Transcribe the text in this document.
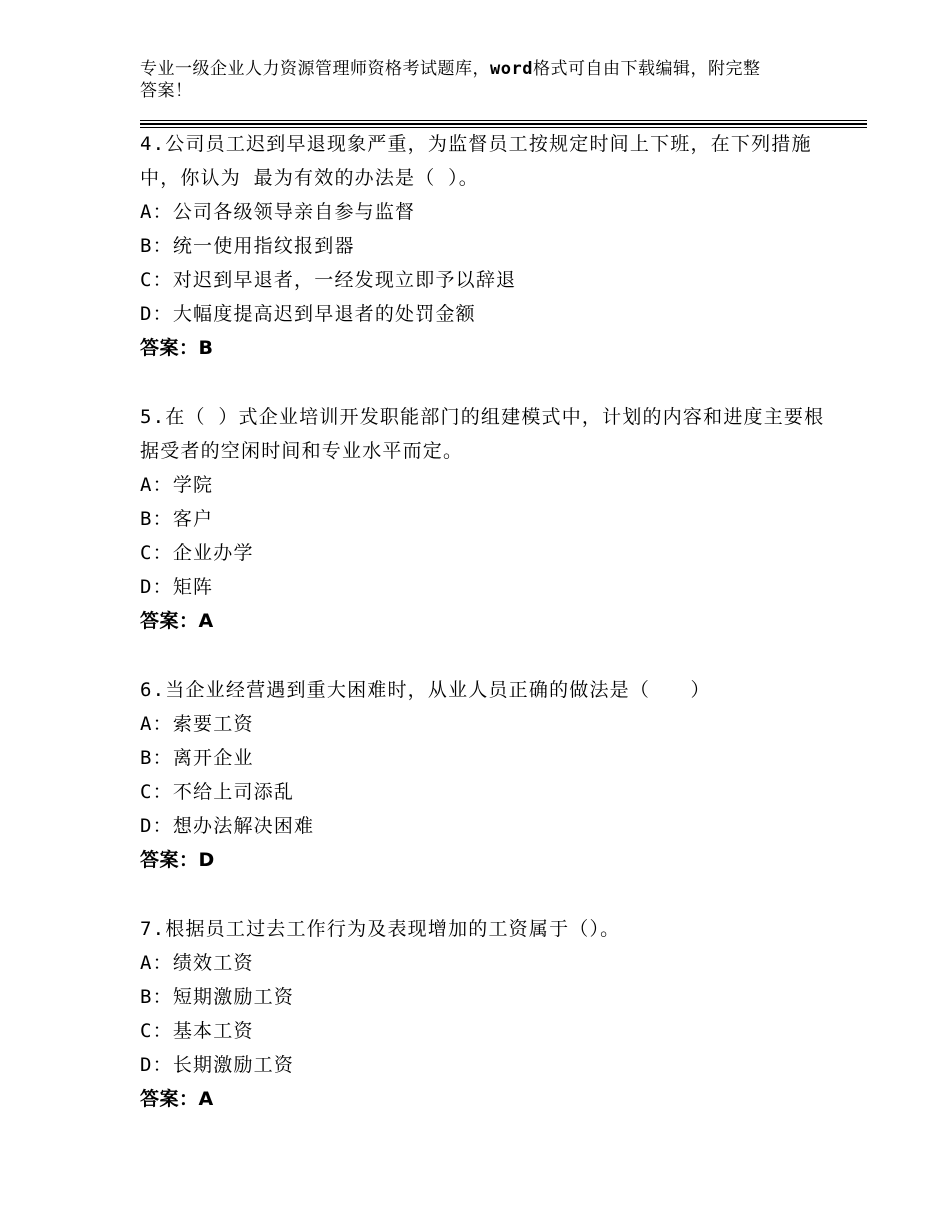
专业一级企业人力资源管理师资格考试题库，word格式可自由下载编辑，附完整
答案！

4.公司员工迟到早退现象严重，为监督员工按规定时间上下班，在下列措施中，你认为 最为有效的办法是（ ）。

A：公司各级领导亲自参与监督

B：统一使用指纹报到器

C：对迟到早退者，一经发现立即予以辞退

D：大幅度提高迟到早退者的处罚金额

答案：B

5.在（ ）式企业培训开发职能部门的组建模式中，计划的内容和进度主要根据受者的空闲时间和专业水平而定。

A：学院

B：客户

C：企业办学

D：矩阵

答案：A

6.当企业经营遇到重大困难时，从业人员正确的做法是（　　）

A：索要工资

B：离开企业

C：不给上司添乱

D：想办法解决困难

答案：D

7.根据员工过去工作行为及表现增加的工资属于（）。

A：绩效工资

B：短期激励工资

C：基本工资

D：长期激励工资

答案：A
